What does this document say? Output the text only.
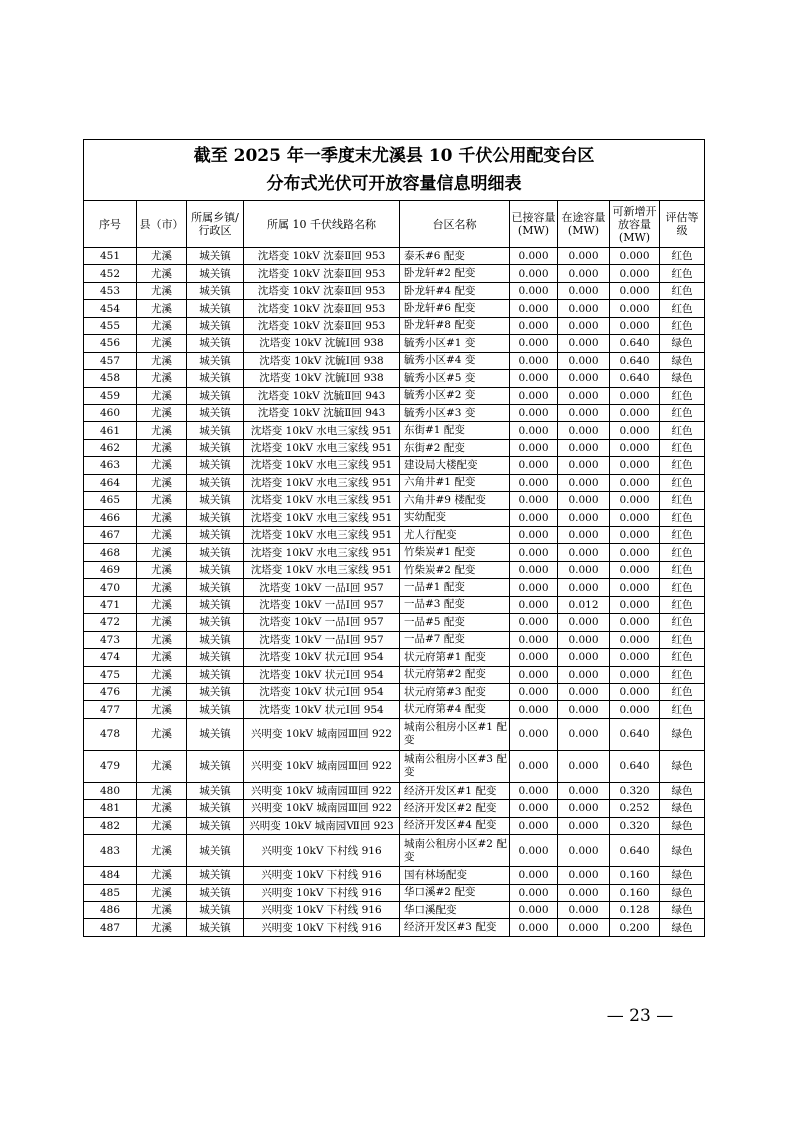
截至 2025 年一季度末尤溪县 10 千伏公用配变台区
分布式光伏可开放容量信息明细表								

序号	县（市）	所属乡镇/行政区	所属 10 千伏线路名称	台区名称	已接容量(MW)	在途容量(MW)	可新增开放容量(MW)	评估等级
451	尤溪	城关镇	沈塔变 10kV 沈泰Ⅱ回 953	泰禾#6 配变	0.000	0.000	0.000	红色
452	尤溪	城关镇	沈塔变 10kV 沈泰Ⅱ回 953	卧龙轩#2 配变	0.000	0.000	0.000	红色
453	尤溪	城关镇	沈塔变 10kV 沈泰Ⅱ回 953	卧龙轩#4 配变	0.000	0.000	0.000	红色
454	尤溪	城关镇	沈塔变 10kV 沈泰Ⅱ回 953	卧龙轩#6 配变	0.000	0.000	0.000	红色
455	尤溪	城关镇	沈塔变 10kV 沈泰Ⅱ回 953	卧龙轩#8 配变	0.000	0.000	0.000	红色
456	尤溪	城关镇	沈塔变 10kV 沈毓Ⅰ回 938	毓秀小区#1 变	0.000	0.000	0.640	绿色
457	尤溪	城关镇	沈塔变 10kV 沈毓Ⅰ回 938	毓秀小区#4 变	0.000	0.000	0.640	绿色
458	尤溪	城关镇	沈塔变 10kV 沈毓Ⅰ回 938	毓秀小区#5 变	0.000	0.000	0.640	绿色
459	尤溪	城关镇	沈塔变 10kV 沈毓Ⅱ回 943	毓秀小区#2 变	0.000	0.000	0.000	红色
460	尤溪	城关镇	沈塔变 10kV 沈毓Ⅱ回 943	毓秀小区#3 变	0.000	0.000	0.000	红色
461	尤溪	城关镇	沈塔变 10kV 水电三家线 951	东街#1 配变	0.000	0.000	0.000	红色
462	尤溪	城关镇	沈塔变 10kV 水电三家线 951	东街#2 配变	0.000	0.000	0.000	红色
463	尤溪	城关镇	沈塔变 10kV 水电三家线 951	建设局大楼配变	0.000	0.000	0.000	红色
464	尤溪	城关镇	沈塔变 10kV 水电三家线 951	六角井#1 配变	0.000	0.000	0.000	红色
465	尤溪	城关镇	沈塔变 10kV 水电三家线 951	六角井#9 楼配变	0.000	0.000	0.000	红色
466	尤溪	城关镇	沈塔变 10kV 水电三家线 951	实幼配变	0.000	0.000	0.000	红色
467	尤溪	城关镇	沈塔变 10kV 水电三家线 951	尤人行配变	0.000	0.000	0.000	红色
468	尤溪	城关镇	沈塔变 10kV 水电三家线 951	竹柴炭#1 配变	0.000	0.000	0.000	红色
469	尤溪	城关镇	沈塔变 10kV 水电三家线 951	竹柴炭#2 配变	0.000	0.000	0.000	红色
470	尤溪	城关镇	沈塔变 10kV 一品Ⅰ回 957	一品#1 配变	0.000	0.000	0.000	红色
471	尤溪	城关镇	沈塔变 10kV 一品Ⅰ回 957	一品#3 配变	0.000	0.012	0.000	红色
472	尤溪	城关镇	沈塔变 10kV 一品Ⅰ回 957	一品#5 配变	0.000	0.000	0.000	红色
473	尤溪	城关镇	沈塔变 10kV 一品Ⅰ回 957	一品#7 配变	0.000	0.000	0.000	红色
474	尤溪	城关镇	沈塔变 10kV 状元Ⅰ回 954	状元府第#1 配变	0.000	0.000	0.000	红色
475	尤溪	城关镇	沈塔变 10kV 状元Ⅰ回 954	状元府第#2 配变	0.000	0.000	0.000	红色
476	尤溪	城关镇	沈塔变 10kV 状元Ⅰ回 954	状元府第#3 配变	0.000	0.000	0.000	红色
477	尤溪	城关镇	沈塔变 10kV 状元Ⅰ回 954	状元府第#4 配变	0.000	0.000	0.000	红色
478	尤溪	城关镇	兴明变 10kV 城南园Ⅲ回 922	城南公租房小区#1 配变	0.000	0.000	0.640	绿色
479	尤溪	城关镇	兴明变 10kV 城南园Ⅲ回 922	城南公租房小区#3 配变	0.000	0.000	0.640	绿色
480	尤溪	城关镇	兴明变 10kV 城南园Ⅲ回 922	经济开发区#1 配变	0.000	0.000	0.320	绿色
481	尤溪	城关镇	兴明变 10kV 城南园Ⅲ回 922	经济开发区#2 配变	0.000	0.000	0.252	绿色
482	尤溪	城关镇	兴明变 10kV 城南园Ⅶ回 923	经济开发区#4 配变	0.000	0.000	0.320	绿色
483	尤溪	城关镇	兴明变 10kV 下村线 916	城南公租房小区#2 配变	0.000	0.000	0.640	绿色
484	尤溪	城关镇	兴明变 10kV 下村线 916	国有林场配变	0.000	0.000	0.160	绿色
485	尤溪	城关镇	兴明变 10kV 下村线 916	华口溪#2 配变	0.000	0.000	0.160	绿色
486	尤溪	城关镇	兴明变 10kV 下村线 916	华口溪配变	0.000	0.000	0.128	绿色
487	尤溪	城关镇	兴明变 10kV 下村线 916	经济开发区#3 配变	0.000	0.000	0.200	绿色
— 23 —
